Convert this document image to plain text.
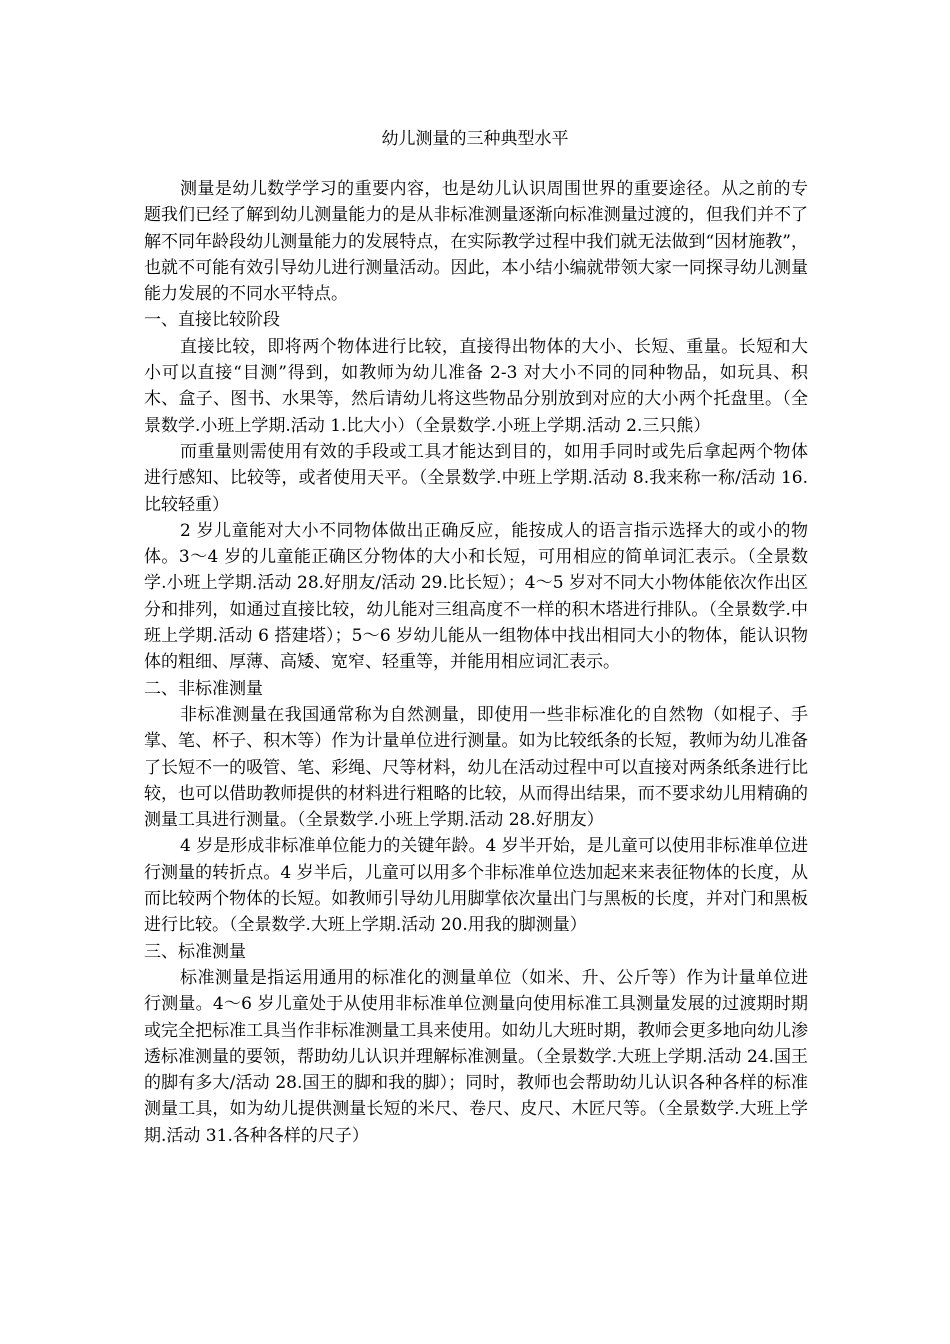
幼儿测量的三种典型水平

测量是幼儿数学学习的重要内容，也是幼儿认识周围世界的重要途径。从之前的专题我们已经了解到幼儿测量能力的是从非标准测量逐渐向标准测量过渡的，但我们并不了解不同年龄段幼儿测量能力的发展特点，在实际教学过程中我们就无法做到“因材施教”，也就不可能有效引导幼儿进行测量活动。因此，本小结小编就带领大家一同探寻幼儿测量能力发展的不同水平特点。

一、直接比较阶段

直接比较，即将两个物体进行比较，直接得出物体的大小、长短、重量。长短和大小可以直接“目测”得到，如教师为幼儿准备 2-3 对大小不同的同种物品，如玩具、积木、盒子、图书、水果等，然后请幼儿将这些物品分别放到对应的大小两个托盘里。（全景数学.小班上学期.活动 1.比大小）（全景数学.小班上学期.活动 2.三只熊）

而重量则需使用有效的手段或工具才能达到目的，如用手同时或先后拿起两个物体进行感知、比较等，或者使用天平。（全景数学.中班上学期.活动 8.我来称一称/活动 16.比较轻重）

2 岁儿童能对大小不同物体做出正确反应，能按成人的语言指示选择大的或小的物体。3～4 岁的儿童能正确区分物体的大小和长短，可用相应的简单词汇表示。（全景数学.小班上学期.活动 28.好朋友/活动 29.比长短）；4～5 岁对不同大小物体能依次作出区分和排列，如通过直接比较，幼儿能对三组高度不一样的积木塔进行排队。（全景数学.中班上学期.活动 6 搭建塔）；5～6 岁幼儿能从一组物体中找出相同大小的物体，能认识物体的粗细、厚薄、高矮、宽窄、轻重等，并能用相应词汇表示。

二、非标准测量

非标准测量在我国通常称为自然测量，即使用一些非标准化的自然物（如棍子、手掌、笔、杯子、积木等）作为计量单位进行测量。如为比较纸条的长短，教师为幼儿准备了长短不一的吸管、笔、彩绳、尺等材料，幼儿在活动过程中可以直接对两条纸条进行比较，也可以借助教师提供的材料进行粗略的比较，从而得出结果，而不要求幼儿用精确的测量工具进行测量。（全景数学.小班上学期.活动 28.好朋友）

4 岁是形成非标准单位能力的关键年龄。4 岁半开始，是儿童可以使用非标准单位进行测量的转折点。4 岁半后，儿童可以用多个非标准单位迭加起来来表征物体的长度，从而比较两个物体的长短。如教师引导幼儿用脚掌依次量出门与黑板的长度，并对门和黑板进行比较。（全景数学.大班上学期.活动 20.用我的脚测量）

三、标准测量

标准测量是指运用通用的标准化的测量单位（如米、升、公斤等）作为计量单位进行测量。4～6 岁儿童处于从使用非标准单位测量向使用标准工具测量发展的过渡期时期或完全把标准工具当作非标准测量工具来使用。如幼儿大班时期，教师会更多地向幼儿渗透标准测量的要领，帮助幼儿认识并理解标准测量。（全景数学.大班上学期.活动 24.国王的脚有多大/活动 28.国王的脚和我的脚）；同时，教师也会帮助幼儿认识各种各样的标准测量工具，如为幼儿提供测量长短的米尺、卷尺、皮尺、木匠尺等。（全景数学.大班上学期.活动 31.各种各样的尺子）
